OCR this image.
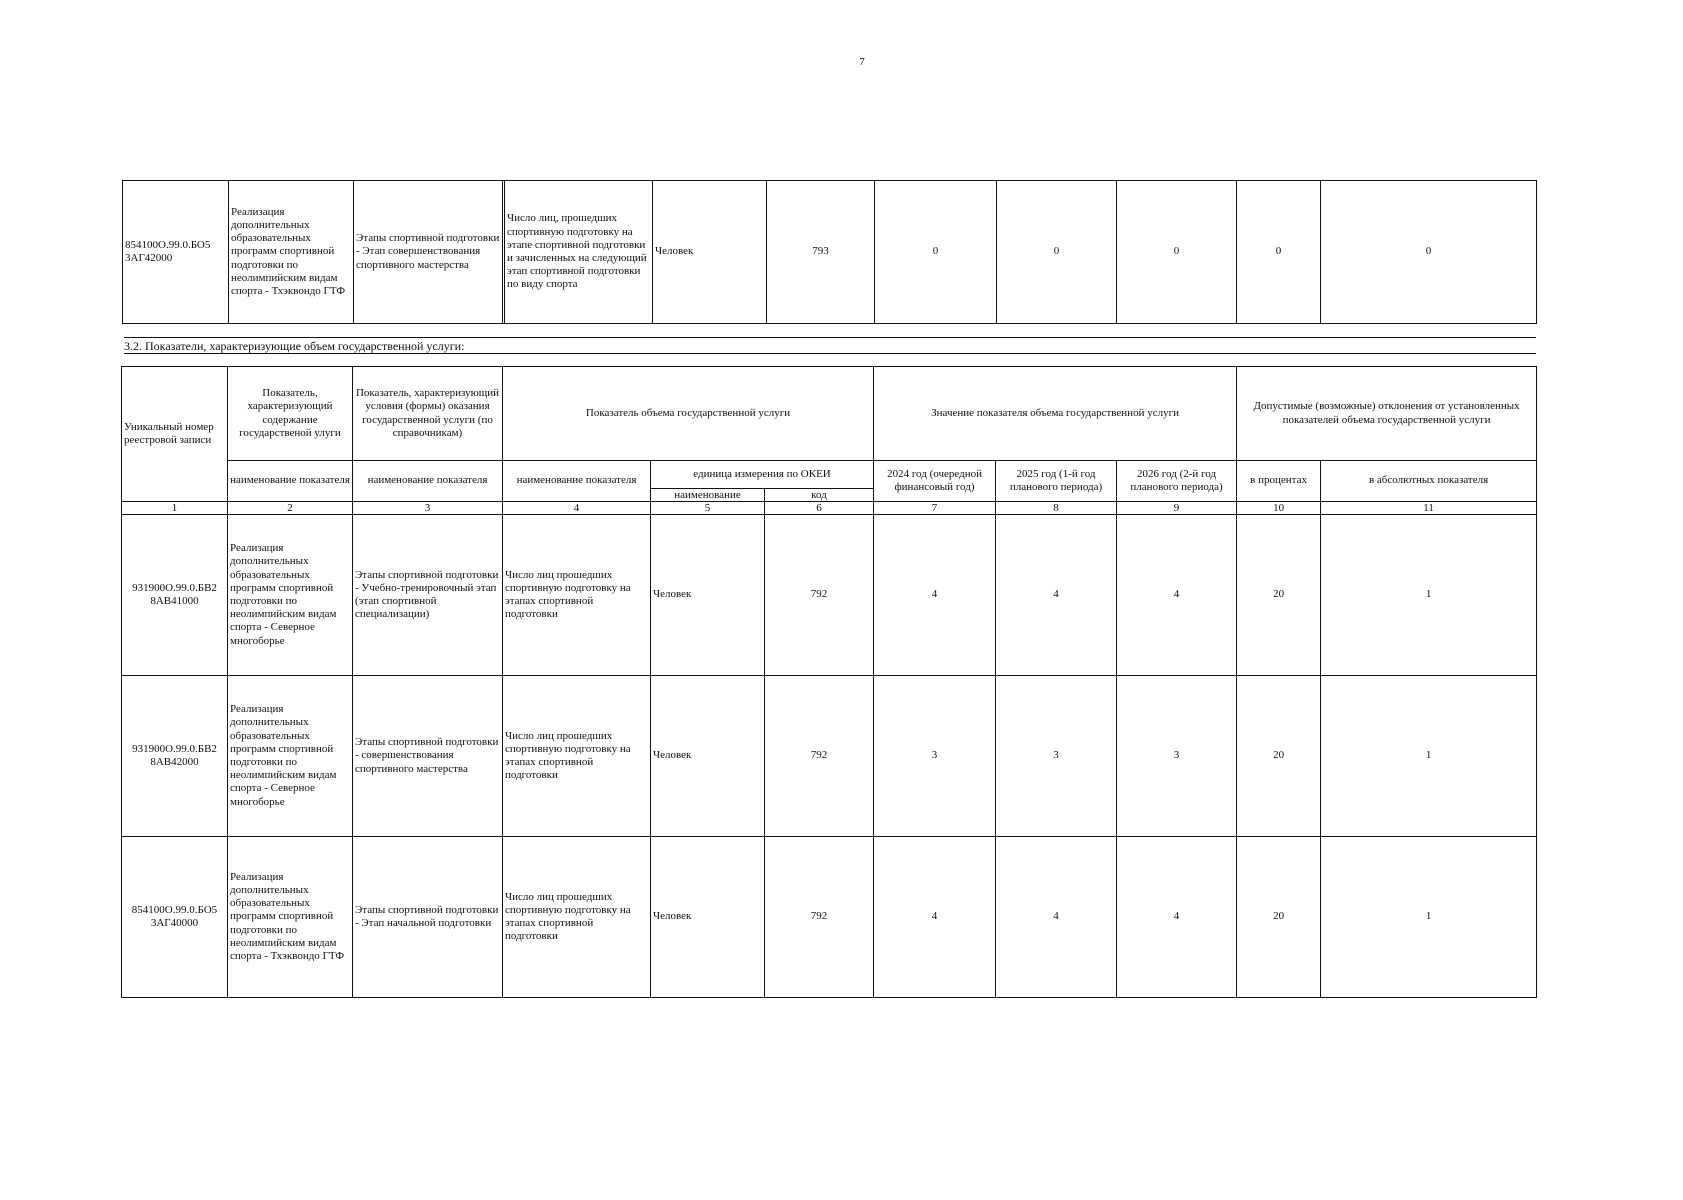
7
854100О.99.0.БО5 3АГ42000	Реализация дополнительных образовательных программ спортивной подготовки по неолимпийским видам спорта - Тхэквондо ГТФ	Этапы спортивной подготовки - Этап совершенствования спортивного мастерства		Число лиц, прошедших спортивную подготовку на этапе спортивной подготовки и зачисленных на следующий этап спортивной подготовки по виду спорта	Человек	793	0	0	0	0	0
3.2. Показатели, характеризующие объем государственной услуги:
Уникальный номер реестровой записи	Показатель, характеризующий содержание государственой улуги	Показатель, характеризующий условия (формы) оказания государственной услуги (по справочникам)	Показатель объема государственной услуги			Значение показателя объема государственной услуги			Допустимые (возможные) отклонения от установленных показателей объема государственной услуги	
	наименование показателя	наименование показателя	наименование показателя	единица измерения по ОКЕИ		2024 год (очередной финансовый год)	2025 год (1-й год планового периода)	2026 год (2-й год планового периода)	в процентах	в абсолютных показателя
				наименование	код					
1	2	3	4	5	6	7	8	9	10	11
931900О.99.0.БВ2 8АВ41000	Реализация дополнительных образовательных программ спортивной подготовки по неолимпийским видам спорта - Северное многоборье	Этапы спортивной подготовки - Учебно-тренировочный этап (этап спортивной специализации)	Число лиц прошедших спортивную подготовку на этапах спортивной подготовки	Человек	792	4	4	4	20	1
931900О.99.0.БВ2 8АВ42000	Реализация дополнительных образовательных программ спортивной подготовки по неолимпийским видам спорта - Северное многоборье	Этапы спортивной подготовки - совершенствования спортивного мастерства	Число лиц прошедших спортивную подготовку на этапах спортивной подготовки	Человек	792	3	3	3	20	1
854100О.99.0.БО5 3АГ40000	Реализация дополнительных образовательных программ спортивной подготовки по неолимпийским видам спорта - Тхэквондо ГТФ	Этапы спортивной подготовки - Этап начальной подготовки	Число лиц прошедших спортивную подготовку на этапах спортивной подготовки	Человек	792	4	4	4	20	1
